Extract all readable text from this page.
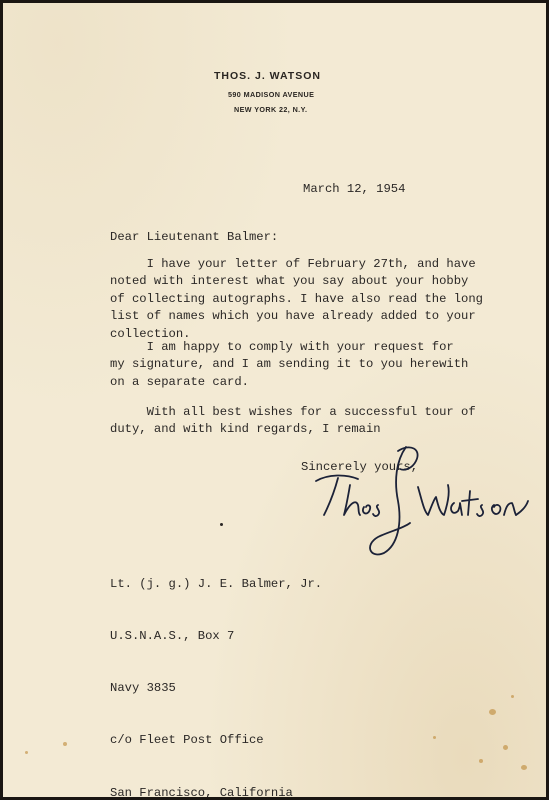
THOS. J. WATSON
590 MADISON AVENUE
NEW YORK 22, N.Y.
March 12, 1954
Dear Lieutenant Balmer:
I have your letter of February 27th, and have
noted with interest what you say about your hobby
of collecting autographs. I have also read the long
list of names which you have already added to your
collection.
I am happy to comply with your request for
my signature, and I am sending it to you herewith
on a separate card.
With all best wishes for a successful tour of
duty, and with kind regards, I remain
Sincerely yours,

Lt. (j. g.) J. E. Balmer, Jr.

U.S.N.A.S., Box 7

Navy 3835

c/o Fleet Post Office

San Francisco, California
